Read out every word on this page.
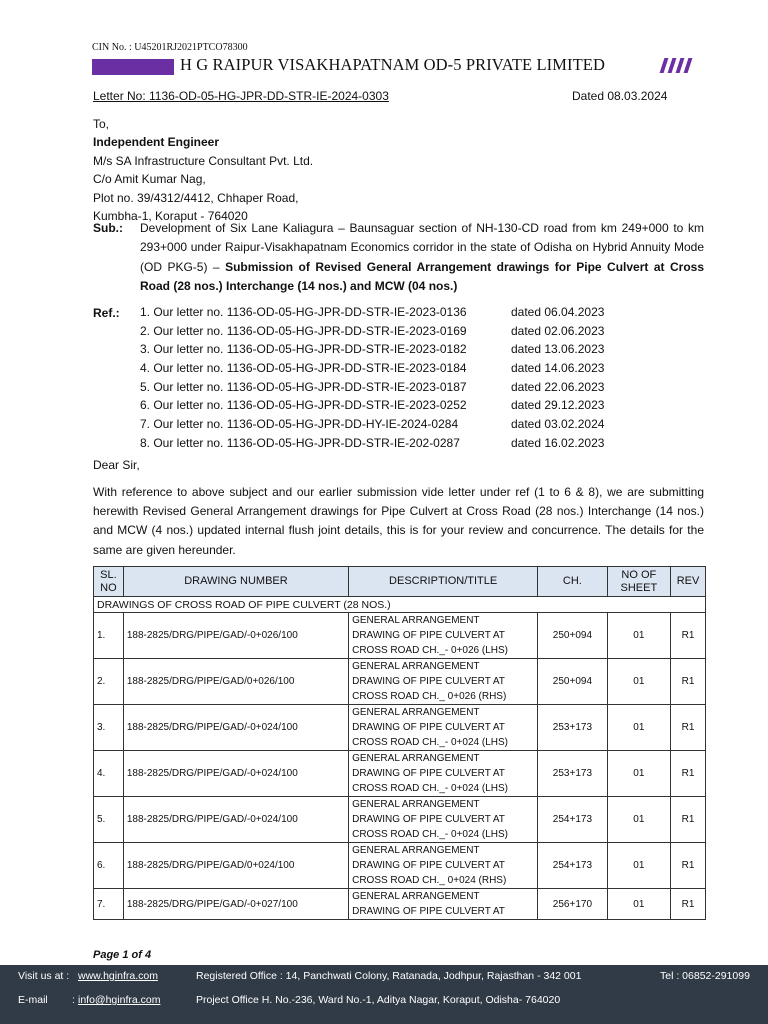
CIN No. : U45201RJ2021PTCO78300
H G RAIPUR VISAKHAPATNAM OD-5 PRIVATE LIMITED
Letter No: 1136-OD-05-HG-JPR-DD-STR-IE-2024-0303	Dated 08.03.2024
To,
Independent Engineer
M/s SA Infrastructure Consultant Pvt. Ltd.
C/o Amit Kumar Nag,
Plot no. 39/4312/4412, Chhaper Road,
Kumbha-1, Koraput - 764020
Sub.: Development of Six Lane Kaliagura – Baunsaguar section of NH-130-CD road from km 249+000 to km 293+000 under Raipur-Visakhapatnam Economics corridor in the state of Odisha on Hybrid Annuity Mode (OD PKG-5) – Submission of Revised General Arrangement drawings for Pipe Culvert at Cross Road (28 nos.) Interchange (14 nos.) and MCW (04 nos.)
Ref.: 1. Our letter no. 1136-OD-05-HG-JPR-DD-STR-IE-2023-0136	dated 06.04.2023
2. Our letter no. 1136-OD-05-HG-JPR-DD-STR-IE-2023-0169	dated 02.06.2023
3. Our letter no. 1136-OD-05-HG-JPR-DD-STR-IE-2023-0182	dated 13.06.2023
4. Our letter no. 1136-OD-05-HG-JPR-DD-STR-IE-2023-0184	dated 14.06.2023
5. Our letter no. 1136-OD-05-HG-JPR-DD-STR-IE-2023-0187	dated 22.06.2023
6. Our letter no. 1136-OD-05-HG-JPR-DD-STR-IE-2023-0252	dated 29.12.2023
7. Our letter no. 1136-OD-05-HG-JPR-DD-HY-IE-2024-0284	dated 03.02.2024
8. Our letter no. 1136-OD-05-HG-JPR-DD-STR-IE-202-0287	dated 16.02.2023
Dear Sir,
With reference to above subject and our earlier submission vide letter under ref (1 to 6 & 8), we are submitting herewith Revised General Arrangement drawings for Pipe Culvert at Cross Road (28 nos.) Interchange (14 nos.) and MCW (4 nos.) updated internal flush joint details, this is for your review and concurrence. The details for the same are given hereunder.
SL. NO	DRAWING NUMBER	DESCRIPTION/TITLE	CH.	NO OF SHEET	REV
DRAWINGS OF CROSS ROAD OF PIPE CULVERT (28 NOS.)					
1.	188-2825/DRG/PIPE/GAD/-0+026/100	GENERAL ARRANGEMENT
DRAWING OF PIPE CULVERT AT
CROSS ROAD CH._- 0+026 (LHS)	250+094	01	R1
2.	188-2825/DRG/PIPE/GAD/0+026/100	GENERAL ARRANGEMENT
DRAWING OF PIPE CULVERT AT
CROSS ROAD CH._ 0+026 (RHS)	250+094	01	R1
3.	188-2825/DRG/PIPE/GAD/-0+024/100	GENERAL ARRANGEMENT
DRAWING OF PIPE CULVERT AT
CROSS ROAD CH._- 0+024 (LHS)	253+173	01	R1
4.	188-2825/DRG/PIPE/GAD/-0+024/100	GENERAL ARRANGEMENT
DRAWING OF PIPE CULVERT AT
CROSS ROAD CH._- 0+024 (LHS)	253+173	01	R1
5.	188-2825/DRG/PIPE/GAD/-0+024/100	GENERAL ARRANGEMENT
DRAWING OF PIPE CULVERT AT
CROSS ROAD CH._- 0+024 (LHS)	254+173	01	R1
6.	188-2825/DRG/PIPE/GAD/0+024/100	GENERAL ARRANGEMENT
DRAWING OF PIPE CULVERT AT
CROSS ROAD CH._ 0+024 (RHS)	254+173	01	R1
7.	188-2825/DRG/PIPE/GAD/-0+027/100	GENERAL ARRANGEMENT
DRAWING OF PIPE CULVERT AT	256+170	01	R1
Page 1 of 4
Visit us at : www.hginfra.com	Registered Office : 14, Panchwati Colony, Ratanada, Jodhpur, Rajasthan - 342 001	Tel : 06852-291099
E-mail : info@hginfra.com	Project Office H. No.-236, Ward No.-1, Aditya Nagar, Koraput, Odisha- 764020
